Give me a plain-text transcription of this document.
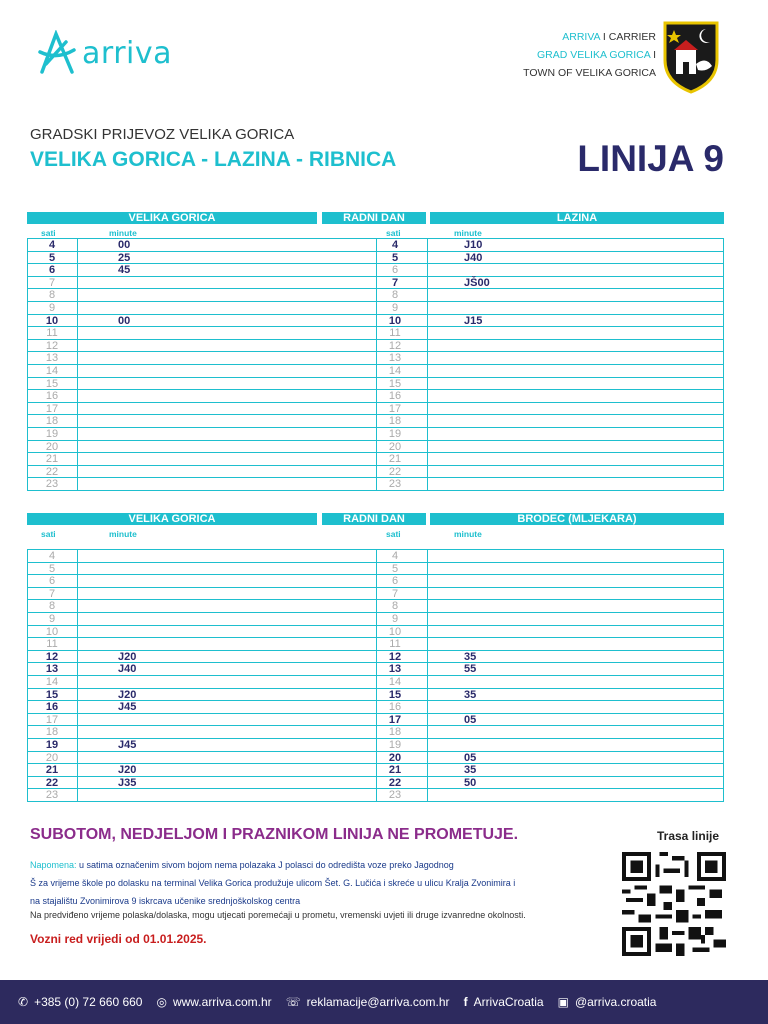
arriva	ARRIVA I CARRIER
GRAD VELIKA GORICA I
TOWN OF VELIKA GORICA
GRADSKI PRIJEVOZ VELIKA GORICA
VELIKA GORICA - LAZINA - RIBNICA	LINIJA 9
VELIKA GORICA	RADNI DAN	LAZINA
sati	minute	sati	minute
4	00	4	J10
5	25	5	J40
6	45	6
7	7	JŠ00
8	8
9	9
10	00	10	J15
11	11
12	12
13	13
14	14
15	15
16	16
17	17
18	18
19	19
20	20
21	21
22	22
23	23
VELIKA GORICA	RADNI DAN	BRODEC (MLJEKARA)
sati	minute	sati	minute
4	4
5	5
6	6
7	7
8	8
9	9
10	10
11	11
12	J20	12	35
13	J40	13	55
14	14
15	J20	15	35
16	J45	16
17	17	05
18	18
19	J45	19
20	20	05
21	J20	21	35
22	J35	22	50
23	23
SUBOTOM, NEDJELJOM I PRAZNIKOM LINIJA NE PROMETUJE.	Trasa linije
Napomena: u satima označenim sivom bojom nema polazaka J polasci do odredišta voze preko Jagodnog
Š za vrijeme škole po dolasku na terminal Velika Gorica produžuje ulicom Šet. G. Lučića i skreće u ulicu Kralja Zvonimira i
na stajalištu Zvonimirova 9 iskrcava učenike srednjoškolskog centra
Na predviđeno vrijeme polaska/dolaska, mogu utjecati poremećaji u prometu, vremenski uvjeti ili druge izvanredne okolnosti.
Vozni red vrijedi od 01.01.2025.
✆ +385 (0) 72 660 660 ◎ www.arriva.com.hr ☏ reklamacije@arriva.com.hr f ArrivaCroatia ▣ @arriva.croatia
